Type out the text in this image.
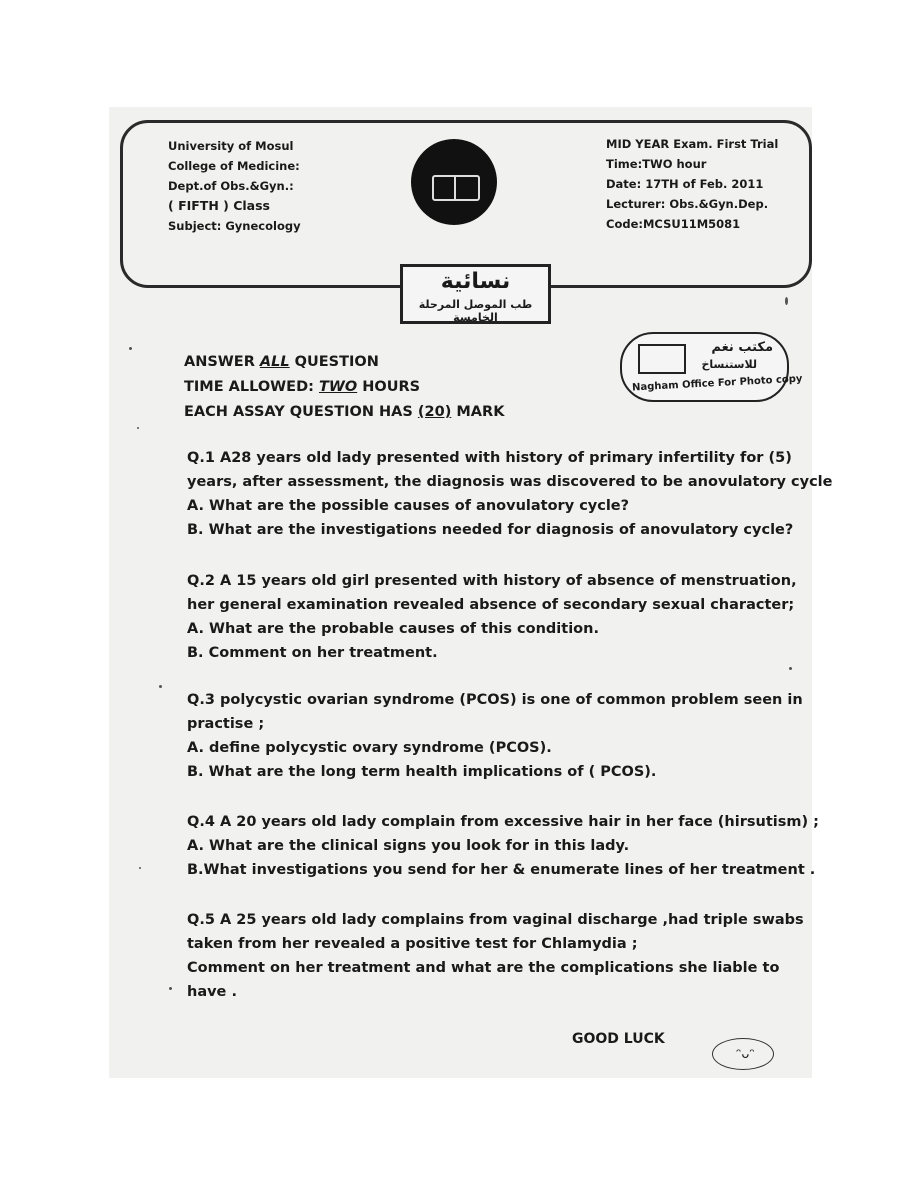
University of Mosul
College of Medicine:
Dept.of Obs.&Gyn.:
( FIFTH ) Class
Subject: Gynecology
MID YEAR Exam. First Trial
Time:TWO hour
Date: 17TH of Feb. 2011
Lecturer: Obs.&Gyn.Dep.
Code:MCSU11M5081
نسائية
طب الموصل المرحلة الخامسة
مكتب نغم
للاستنساخ
Nagham Office For Photo copy
ANSWER ALL QUESTION
TIME ALLOWED: TWO HOURS
EACH ASSAY QUESTION HAS (20) MARK
Q.1 A28 years old lady presented with history of primary infertility for (5)
years, after assessment, the diagnosis was discovered to be anovulatory cycle
A. What are the possible causes of anovulatory cycle?
B. What are the investigations needed for diagnosis of anovulatory cycle?
Q.2 A 15 years old girl presented with history of absence of menstruation,
her general examination revealed absence of secondary sexual character;
A. What are the probable causes of this condition.
B. Comment on her treatment.
Q.3 polycystic ovarian syndrome (PCOS) is one of common problem seen in
practise ;
A. define polycystic ovary syndrome (PCOS).
B. What are the long term health implications of ( PCOS).
Q.4 A 20 years old lady complain from excessive hair in her face (hirsutism) ;
A. What are the clinical signs you look for in this lady.
B.What investigations you send for her & enumerate lines of her treatment .
Q.5 A 25 years old lady complains from vaginal discharge ,had triple swabs
taken from her revealed a positive test for Chlamydia ;
Comment on her treatment and what are the complications she liable to
have .
GOOD LUCK
ᵔᴗᵔ
